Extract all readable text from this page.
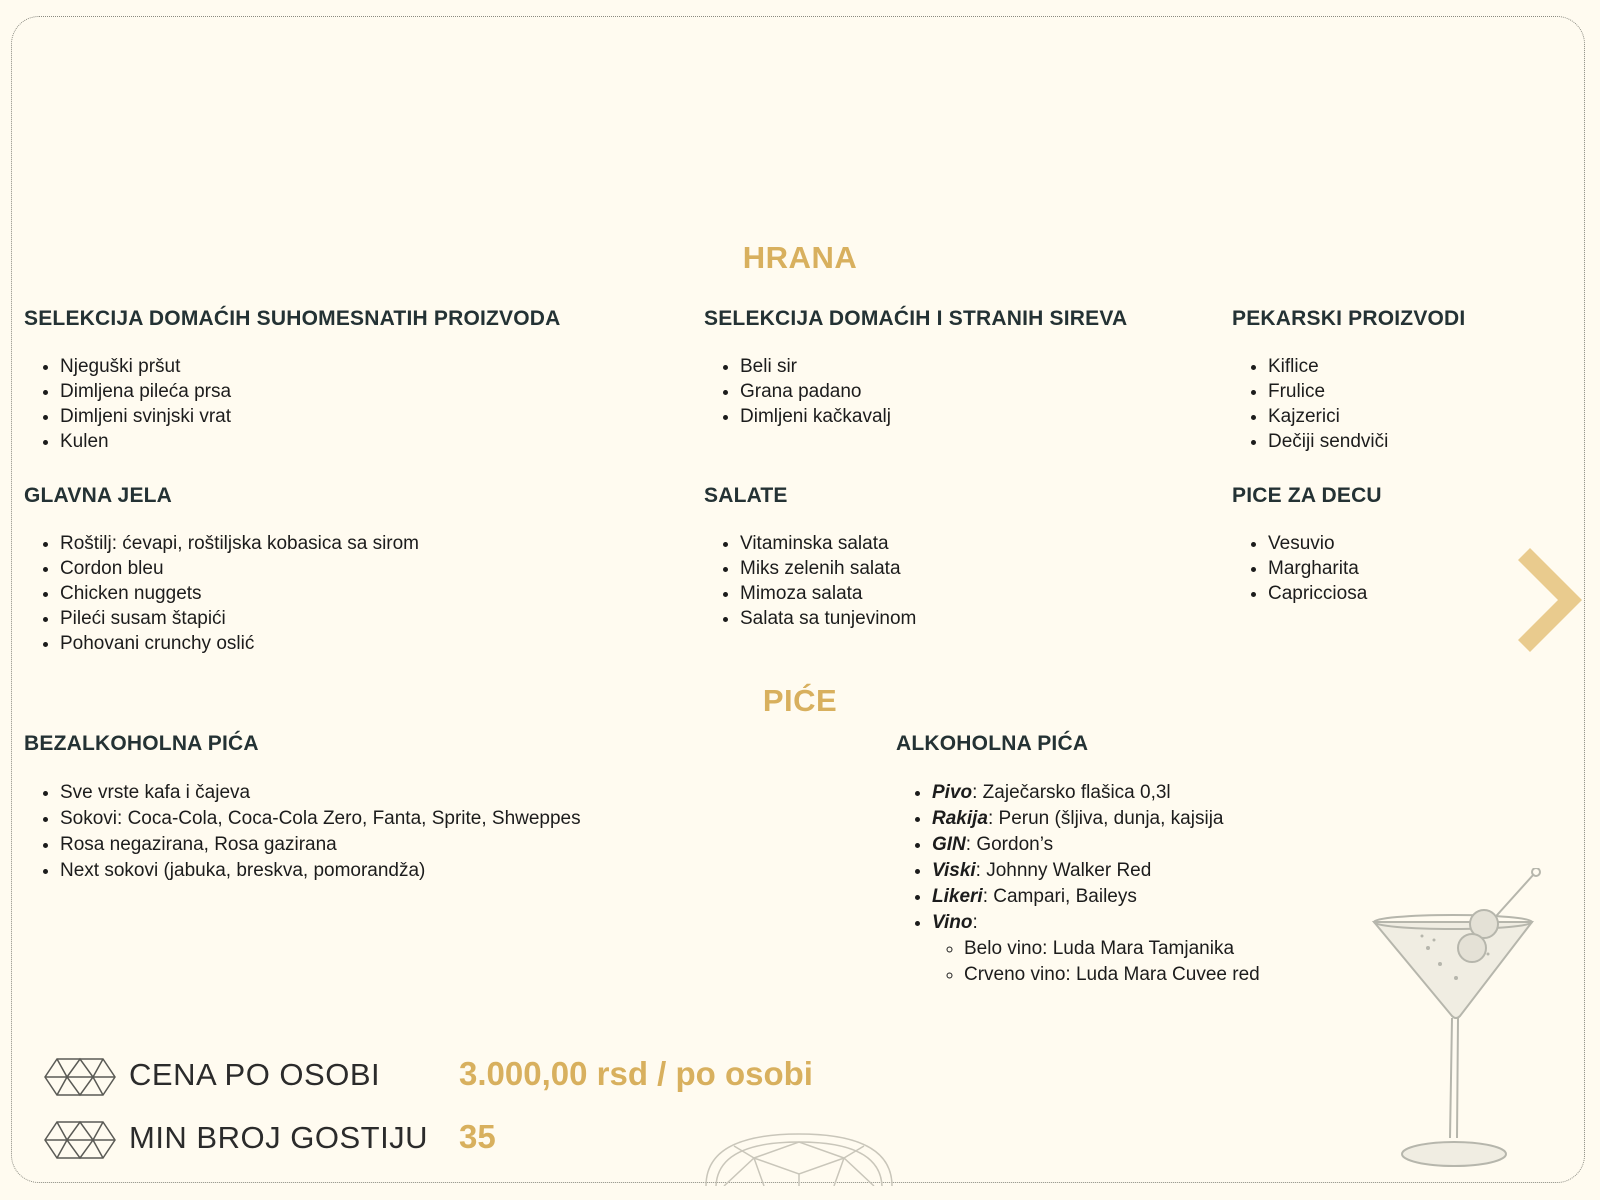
HRANA
SELEKCIJA DOMAĆIH SUHOMESNATIH PROIZVODA
• Njeguški pršut
• Dimljena pileća prsa
• Dimljeni svinjski vrat
• Kulen
SELEKCIJA DOMAĆIH I STRANIH SIREVA
• Beli sir
• Grana padano
• Dimljeni kačkavalj
PEKARSKI PROIZVODI
• Kiflice
• Frulice
• Kajzerici
• Dečiji sendviči
GLAVNA JELA
• Roštilj: ćevapi, roštiljska kobasica sa sirom
• Cordon bleu
• Chicken nuggets
• Pileći susam štapići
• Pohovani crunchy oslić
SALATE
• Vitaminska salata
• Miks zelenih salata
• Mimoza salata
• Salata sa tunjevinom
PICE ZA DECU
• Vesuvio
• Margharita
• Capricciosa
PIĆE
BEZALKOHOLNA PIĆA
• Sve vrste kafa i čajeva
• Sokovi: Coca-Cola, Coca-Cola Zero, Fanta, Sprite, Shweppes
• Rosa negazirana, Rosa gazirana
• Next sokovi (jabuka, breskva, pomorandža)
ALKOHOLNA PIĆA
• Pivo: Zaječarsko flašica 0,3l
• Rakija: Perun (šljiva, dunja, kajsija
• GIN: Gordon’s
• Viski: Johnny Walker Red
• Likeri: Campari, Baileys
• Vino:
◦ Belo vino: Luda Mara Tamjanika
◦ Crveno vino: Luda Mara Cuvee red
CENA PO OSOBI 3.000,00 rsd / po osobi
MIN BROJ GOSTIJU 35
